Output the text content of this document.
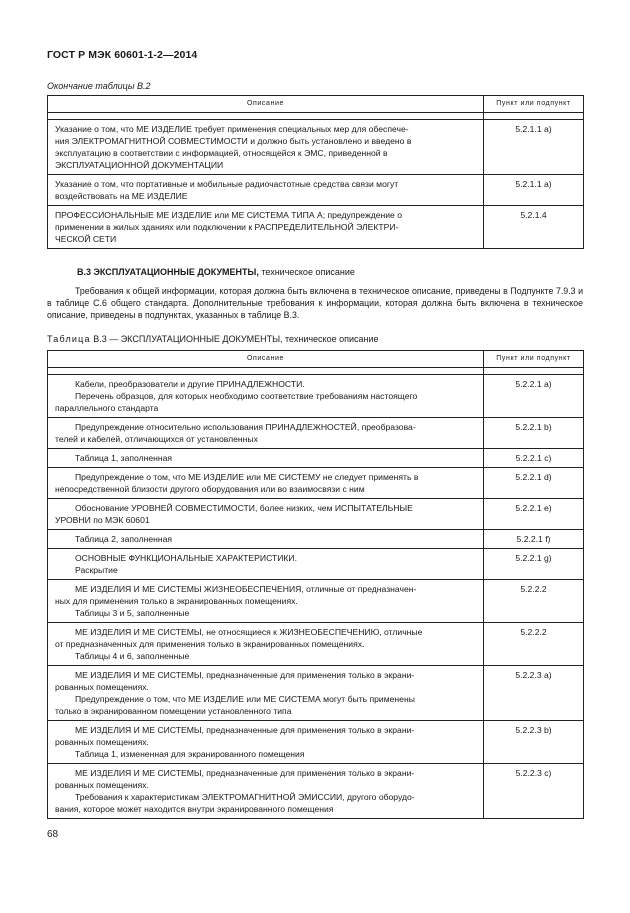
ГОСТ Р МЭК 60601-1-2—2014
Окончание таблицы В.2
Описание	Пункт или подпункт

Указание о том, что МЕ ИЗДЕЛИЕ требует применения специальных мер для обеспече-
ния ЭЛЕКТРОМАГНИТНОЙ СОВМЕСТИМОСТИ и должно быть установлено и введено в
эксплуатацию в соответствии с информацией, относящейся к ЭМС, приведенной в
ЭКСПЛУАТАЦИОННОЙ ДОКУМЕНТАЦИИ	5.2.1.1 a)

Указание о том, что портативные и мобильные радиочастотные средства связи могут
воздействовать на МЕ ИЗДЕЛИЕ	5.2.1.1 a)

ПРОФЕССИОНАЛЬНЫЕ МЕ ИЗДЕЛИЕ или МЕ СИСТЕМА ТИПА А; предупреждение о
применении в жилых зданиях или подключении к РАСПРЕДЕЛИТЕЛЬНОЙ ЭЛЕКТРИ-
ЧЕСКОЙ СЕТИ	5.2.1.4
В.3 ЭКСПЛУАТАЦИОННЫЕ ДОКУМЕНТЫ, техническое описание
Требования к общей информации, которая должна быть включена в техническое описание, приведены в Подпункте 7.9.3 и в таблице С.6 общего стандарта. Дополнительные требования к информации, которая должна быть включена в техническое описание, приведены в подпунктах, указанных в таблице В.3.
Таблица В.3 — ЭКСПЛУАТАЦИОННЫЕ ДОКУМЕНТЫ, техническое описание
Описание	Пункт или подпункт

Кабели, преобразователи и другие ПРИНАДЛЕЖНОСТИ.
Перечень образцов, для которых необходимо соответствие требованиям настоящего
параллельного стандарта	5.2.2.1 a)

Предупреждение относительно использования ПРИНАДЛЕЖНОСТЕЙ, преобразова-
телей и кабелей, отличающихся от установленных	5.2.2.1 b)

Таблица 1, заполненная	5.2.2.1 c)

Предупреждение о том, что МЕ ИЗДЕЛИЕ или МЕ СИСТЕМУ не следует применять в
непосредственной близости другого оборудования или во взаимосвязи с ним	5.2.2.1 d)

Обоснование УРОВНЕЙ СОВМЕСТИМОСТИ, более низких, чем ИСПЫТАТЕЛЬНЫЕ
УРОВНИ по МЭК 60601	5.2.2.1 e)

Таблица 2, заполненная	5.2.2.1 f)

ОСНОВНЫЕ ФУНКЦИОНАЛЬНЫЕ ХАРАКТЕРИСТИКИ.
Раскрытие	5.2.2.1 g)

МЕ ИЗДЕЛИЯ И МЕ СИСТЕМЫ ЖИЗНЕОБЕСПЕЧЕНИЯ, отличные от предназначен-
ных для применения только в экранированных помещениях.
Таблицы 3 и 5, заполненные	5.2.2.2

МЕ ИЗДЕЛИЯ И МЕ СИСТЕМЫ, не относящиеся к ЖИЗНЕОБЕСПЕЧЕНИЮ, отличные
от предназначенных для применения только в экранированных помещениях.
Таблицы 4 и 6, заполненные	5.2.2.2

МЕ ИЗДЕЛИЯ И МЕ СИСТЕМЫ, предназначенные для применения только в экрани-
рованных помещениях.
Предупреждение о том, что МЕ ИЗДЕЛИЕ или МЕ СИСТЕМА могут быть применены
только в экранированном помещении установленного типа	5.2.2.3 a)

МЕ ИЗДЕЛИЯ И МЕ СИСТЕМЫ, предназначенные для применения только в экрани-
рованных помещениях.
Таблица 1, измененная для экранированного помещения	5.2.2.3 b)

МЕ ИЗДЕЛИЯ И МЕ СИСТЕМЫ, предназначенные для применения только в экрани-
рованных помещениях.
Требования к характеристикам ЭЛЕКТРОМАГНИТНОЙ ЭМИССИИ, другого оборудо-
вания, которое может находится внутри экранированного помещения	5.2.2.3 c)
68
